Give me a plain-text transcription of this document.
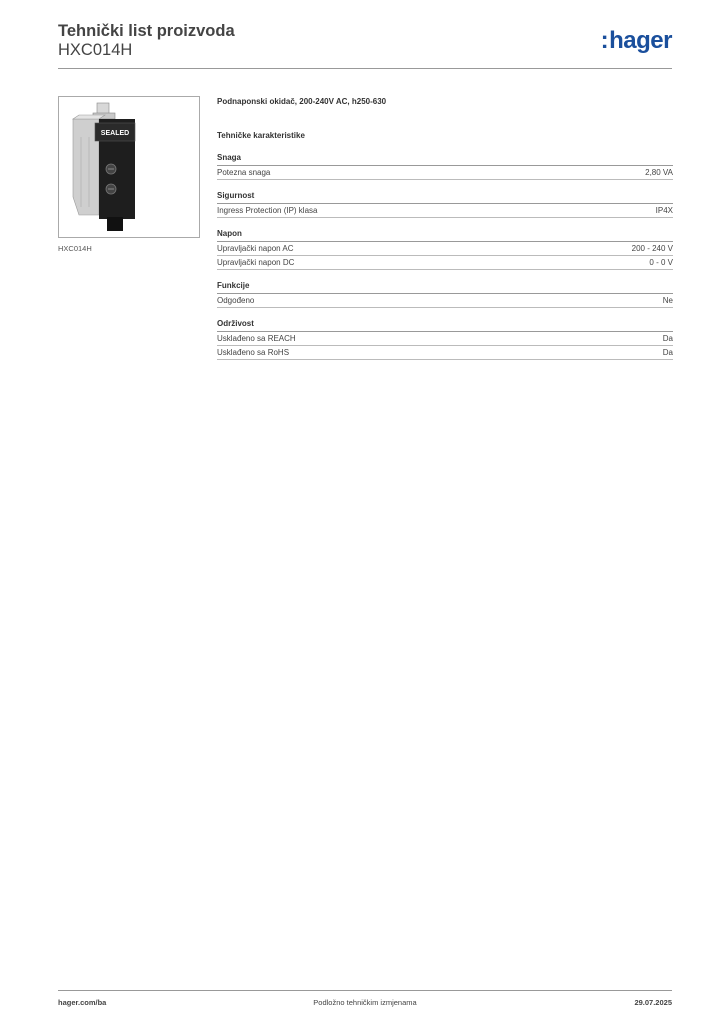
Tehnički list proizvoda
HXC014H	:hager
SEALED
HXC014H
Podnaponski okidač, 200-240V AC, h250-630
Tehničke karakteristike
Snaga
Potezna snaga	2,80 VA
Sigurnost
Ingress Protection (IP) klasa	IP4X
Napon
Upravljački napon AC	200 - 240 V
Upravljački napon DC	0 - 0 V
Funkcije
Odgođeno	Ne
Održivost
Usklađeno sa REACH	Da
Usklađeno sa RoHS	Da
hager.com/ba	Podložno tehničkim izmjenama	29.07.2025
